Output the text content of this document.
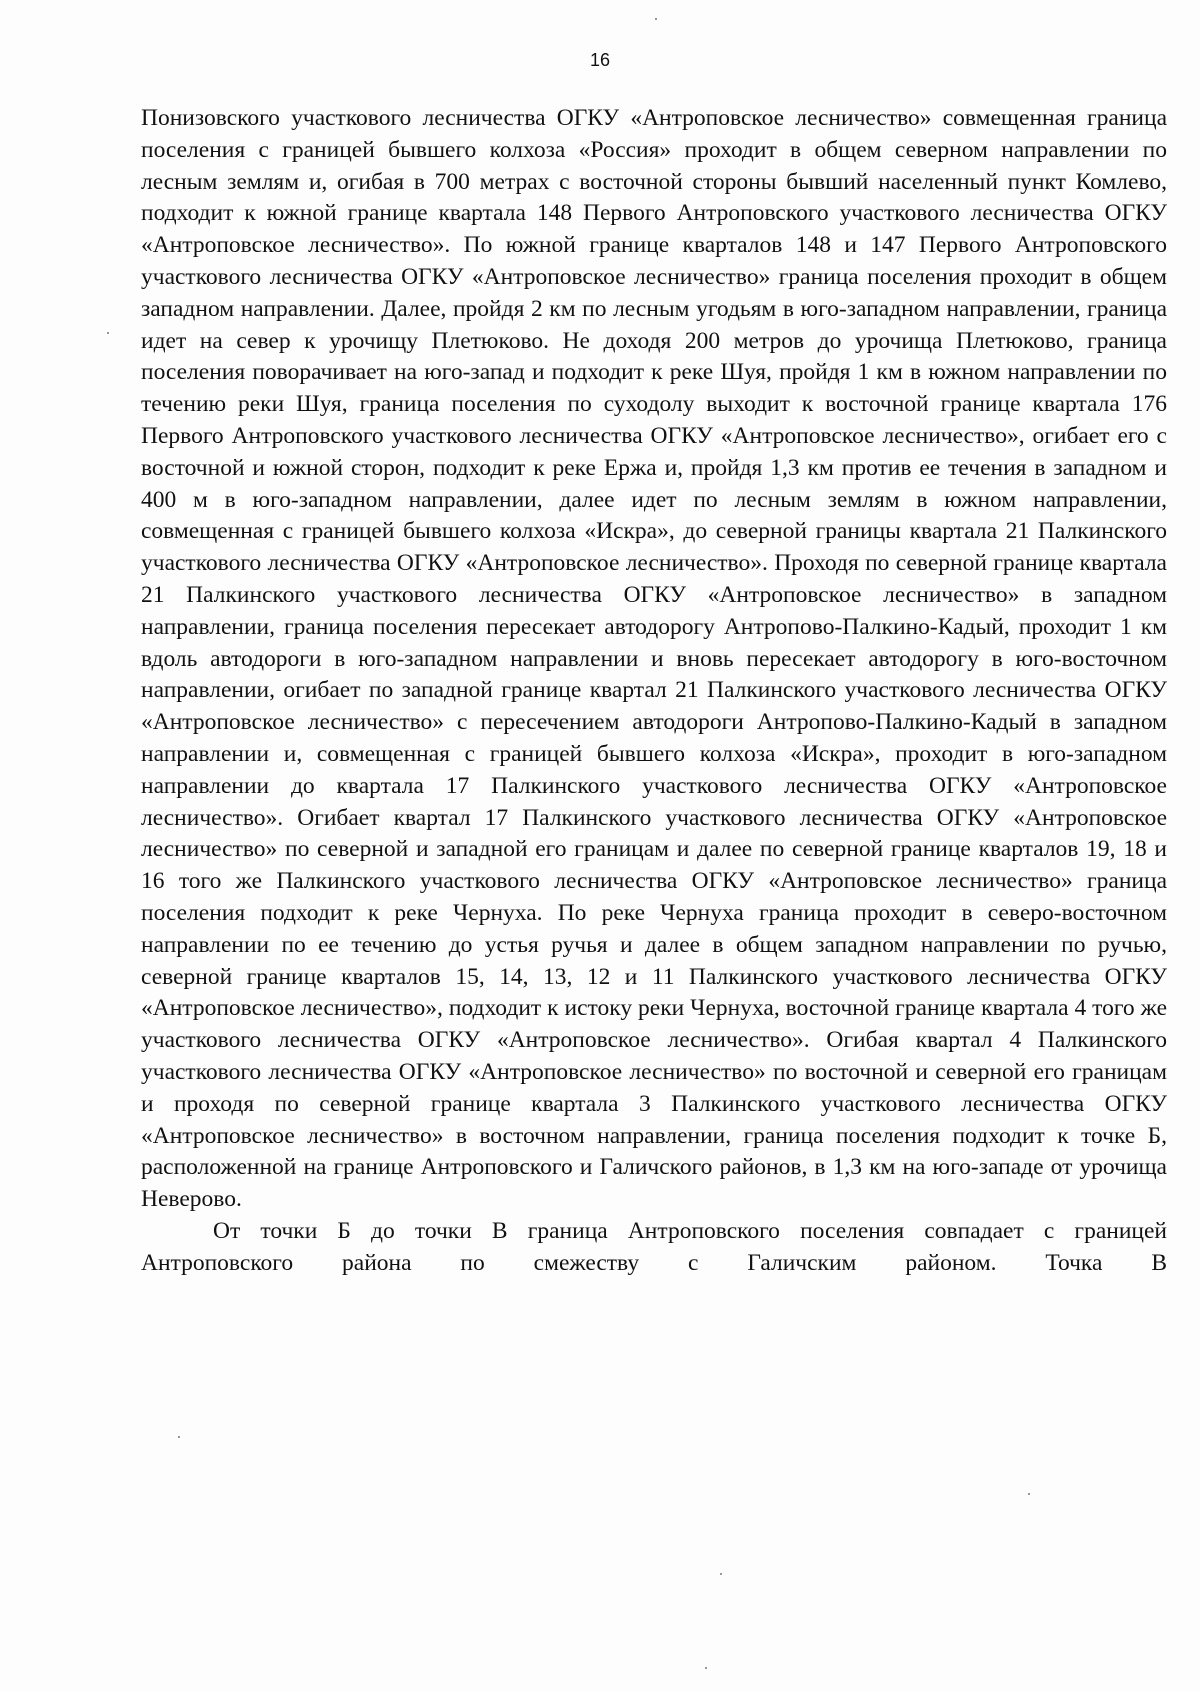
16

Понизовского участкового лесничества ОГКУ «Антроповское лесничество» совмещенная граница поселения с границей бывшего колхоза «Россия» проходит в общем северном направлении по лесным землям и, огибая в 700 метрах с восточной стороны бывший населенный пункт Комлево, подходит к южной границе квартала 148 Первого Антроповского участкового лесничества ОГКУ «Антроповское лесничество». По южной границе кварталов 148 и 147 Первого Антроповского участкового лесничества ОГКУ «Антроповское лесничество» граница поселения проходит в общем западном направлении. Далее, пройдя 2 км по лесным угодьям в юго-западном направлении, граница идет на север к урочищу Плетюково. Не доходя 200 метров до урочища Плетюково, граница поселения поворачивает на юго-запад и подходит к реке Шуя, пройдя 1 км в южном направлении по течению реки Шуя, граница поселения по суходолу выходит к восточной границе квартала 176 Первого Антроповского участкового лесничества ОГКУ «Антроповское лесничество», огибает его с восточной и южной сторон, подходит к реке Ержа и, пройдя 1,3 км против ее течения в западном и 400 м в юго-западном направлении, далее идет по лесным землям в южном направлении, совмещенная с границей бывшего колхоза «Искра», до северной границы квартала 21 Палкинского участкового лесничества ОГКУ «Антроповское лесничество». Проходя по северной границе квартала 21 Палкинского участкового лесничества ОГКУ «Антроповское лесничество» в западном направлении, граница поселения пересекает автодорогу Антропово-Палкино-Кадый, проходит 1 км вдоль автодороги в юго-западном направлении и вновь пересекает автодорогу в юго-восточном направлении, огибает по западной границе квартал 21 Палкинского участкового лесничества ОГКУ «Антроповское лесничество» с пересечением автодороги Антропово-Палкино-Кадый в западном направлении и, совмещенная с границей бывшего колхоза «Искра», проходит в юго-западном направлении до квартала 17 Палкинского участкового лесничества ОГКУ «Антроповское лесничество». Огибает квартал 17 Палкинского участкового лесничества ОГКУ «Антроповское лесничество» по северной и западной его границам и далее по северной границе кварталов 19, 18 и 16 того же Палкинского участкового лесничества ОГКУ «Антроповское лесничество» граница поселения подходит к реке Чернуха. По реке Чернуха граница проходит в северо-восточном направлении по ее течению до устья ручья и далее в общем западном направлении по ручью, северной границе кварталов 15, 14, 13, 12 и 11 Палкинского участкового лесничества ОГКУ «Антроповское лесничество», подходит к истоку реки Чернуха, восточной границе квартала 4 того же участкового лесничества ОГКУ «Антроповское лесничество». Огибая квартал 4 Палкинского участкового лесничества ОГКУ «Антроповское лесничество» по восточной и северной его границам и проходя по северной границе квартала 3 Палкинского участкового лесничества ОГКУ «Антроповское лесничество» в восточном направлении, граница поселения подходит к точке Б, расположенной на границе Антроповского и Галичского районов, в 1,3 км на юго-западе от урочища Неверово.

От точки Б до точки В граница Антроповского поселения совпадает с границей Антроповского района по смежеству с Галичским районом. Точка В
